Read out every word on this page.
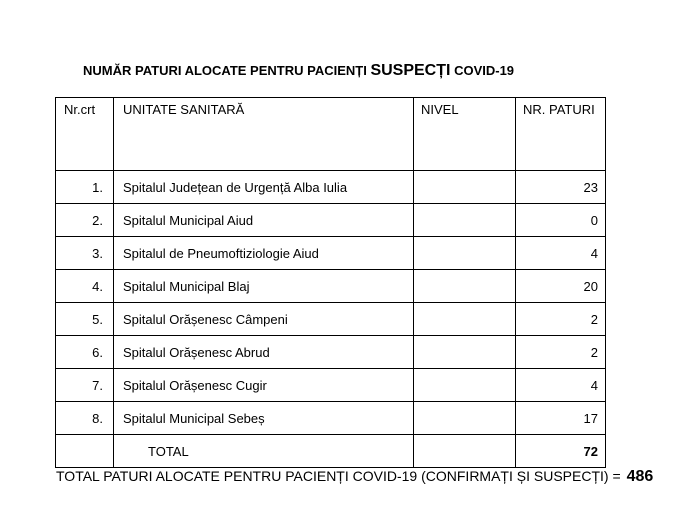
NUMĂR PATURI ALOCATE PENTRU PACIENȚI SUSPECȚI COVID-19
Nr.crt	UNITATE SANITARĂ	NIVEL	NR. PATURI
1.	Spitalul Județean de Urgență Alba Iulia		23
2.	Spitalul Municipal Aiud		0
3.	Spitalul de Pneumoftiziologie Aiud		4
4.	Spitalul Municipal Blaj		20
5.	Spitalul Orășenesc Câmpeni		2
6.	Spitalul Orășenesc Abrud		2
7.	Spitalul Orășenesc Cugir		4
8.	Spitalul Municipal Sebeș		17
	TOTAL		72
TOTAL PATURI ALOCATE PENTRU PACIENȚI COVID-19 (CONFIRMAȚI ȘI SUSPECȚI) = 486
